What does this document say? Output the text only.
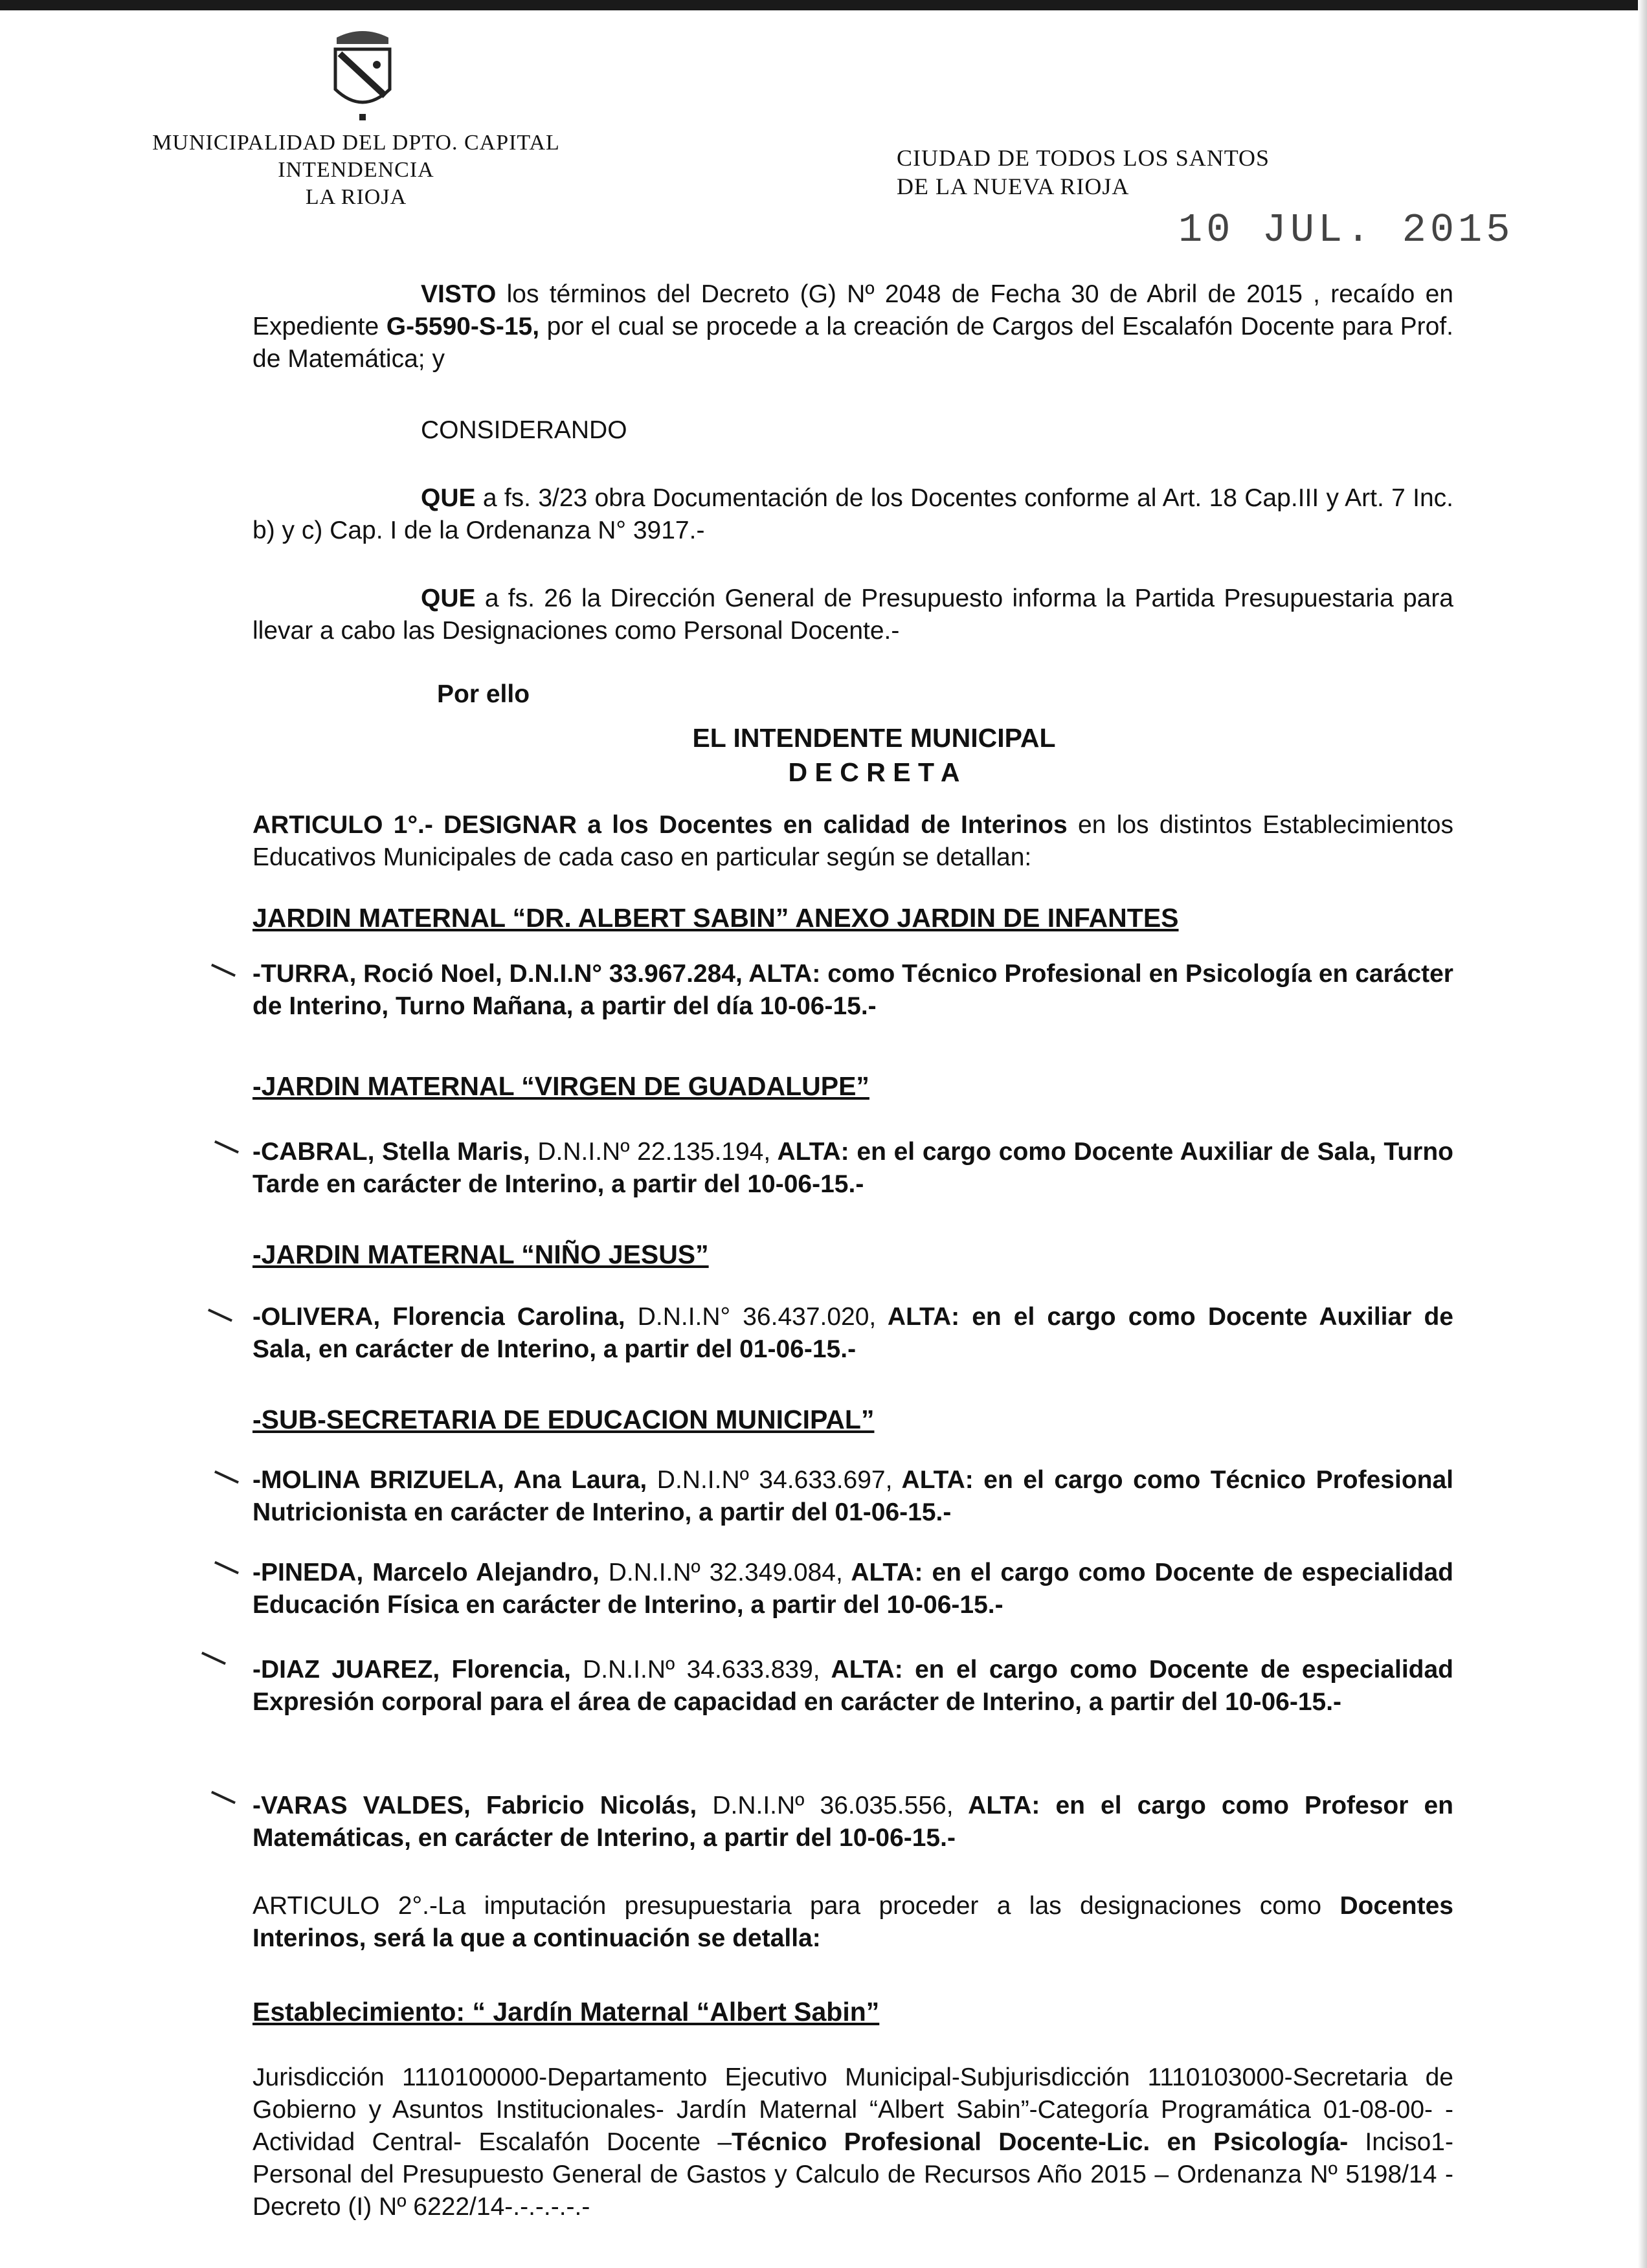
MUNICIPALIDAD DEL DPTO. CAPITAL
INTENDENCIA
LA RIOJA
CIUDAD DE TODOS LOS SANTOS
DE LA NUEVA RIOJA
10 JUL. 2015
VISTO los términos del Decreto (G) Nº 2048 de Fecha 30 de Abril de 2015 , recaído en Expediente G-5590-S-15, por el cual se procede a la creación de Cargos del Escalafón Docente para Prof. de Matemática; y
CONSIDERANDO
QUE a fs. 3/23 obra Documentación de los Docentes conforme al Art. 18 Cap.III y Art. 7 Inc. b) y c) Cap. I de la Ordenanza N° 3917.-
QUE a fs. 26 la Dirección General de Presupuesto informa la Partida Presupuestaria para llevar a cabo las Designaciones como Personal Docente.-
Por ello
EL INTENDENTE MUNICIPAL
D E C R E T A
ARTICULO 1°.- DESIGNAR a los Docentes en calidad de Interinos en los distintos Establecimientos Educativos Municipales de cada caso en particular según se detallan:
JARDIN MATERNAL “DR. ALBERT SABIN” ANEXO JARDIN DE INFANTES
-TURRA, Roció Noel, D.N.I.N° 33.967.284, ALTA: como Técnico Profesional en Psicología en carácter de Interino, Turno Mañana, a partir del día 10-06-15.-
-JARDIN MATERNAL “VIRGEN DE GUADALUPE”
-CABRAL, Stella Maris, D.N.I.Nº 22.135.194, ALTA: en el cargo como Docente Auxiliar de Sala, Turno Tarde en carácter de Interino, a partir del 10-06-15.-
-JARDIN MATERNAL “NIÑO JESUS”
-OLIVERA, Florencia Carolina, D.N.I.N° 36.437.020, ALTA: en el cargo como Docente Auxiliar de Sala, en carácter de Interino, a partir del 01-06-15.-
-SUB-SECRETARIA DE EDUCACION MUNICIPAL”
-MOLINA BRIZUELA, Ana Laura, D.N.I.Nº 34.633.697, ALTA: en el cargo como Técnico Profesional Nutricionista en carácter de Interino, a partir del 01-06-15.-
-PINEDA, Marcelo Alejandro, D.N.I.Nº 32.349.084, ALTA: en el cargo como Docente de especialidad Educación Física en carácter de Interino, a partir del 10-06-15.-
-DIAZ JUAREZ, Florencia, D.N.I.Nº 34.633.839, ALTA: en el cargo como Docente de especialidad Expresión corporal para el área de capacidad en carácter de Interino, a partir del 10-06-15.-
-VARAS VALDES, Fabricio Nicolás, D.N.I.Nº 36.035.556, ALTA: en el cargo como Profesor en Matemáticas, en carácter de Interino, a partir del 10-06-15.-
ARTICULO 2°.-La imputación presupuestaria para proceder a las designaciones como Docentes Interinos, será la que a continuación se detalla:
Establecimiento: “ Jardín Maternal “Albert Sabin”
Jurisdicción 1110100000-Departamento Ejecutivo Municipal-Subjurisdicción 1110103000-Secretaria de Gobierno y Asuntos Institucionales- Jardín Maternal “Albert Sabin”-Categoría Programática 01-08-00- -Actividad Central- Escalafón Docente –Técnico Profesional Docente-Lic. en Psicología- Inciso1- Personal del Presupuesto General de Gastos y Calculo de Recursos Año 2015 – Ordenanza Nº 5198/14 -Decreto (I) Nº 6222/14-.-.-.-.-.-
